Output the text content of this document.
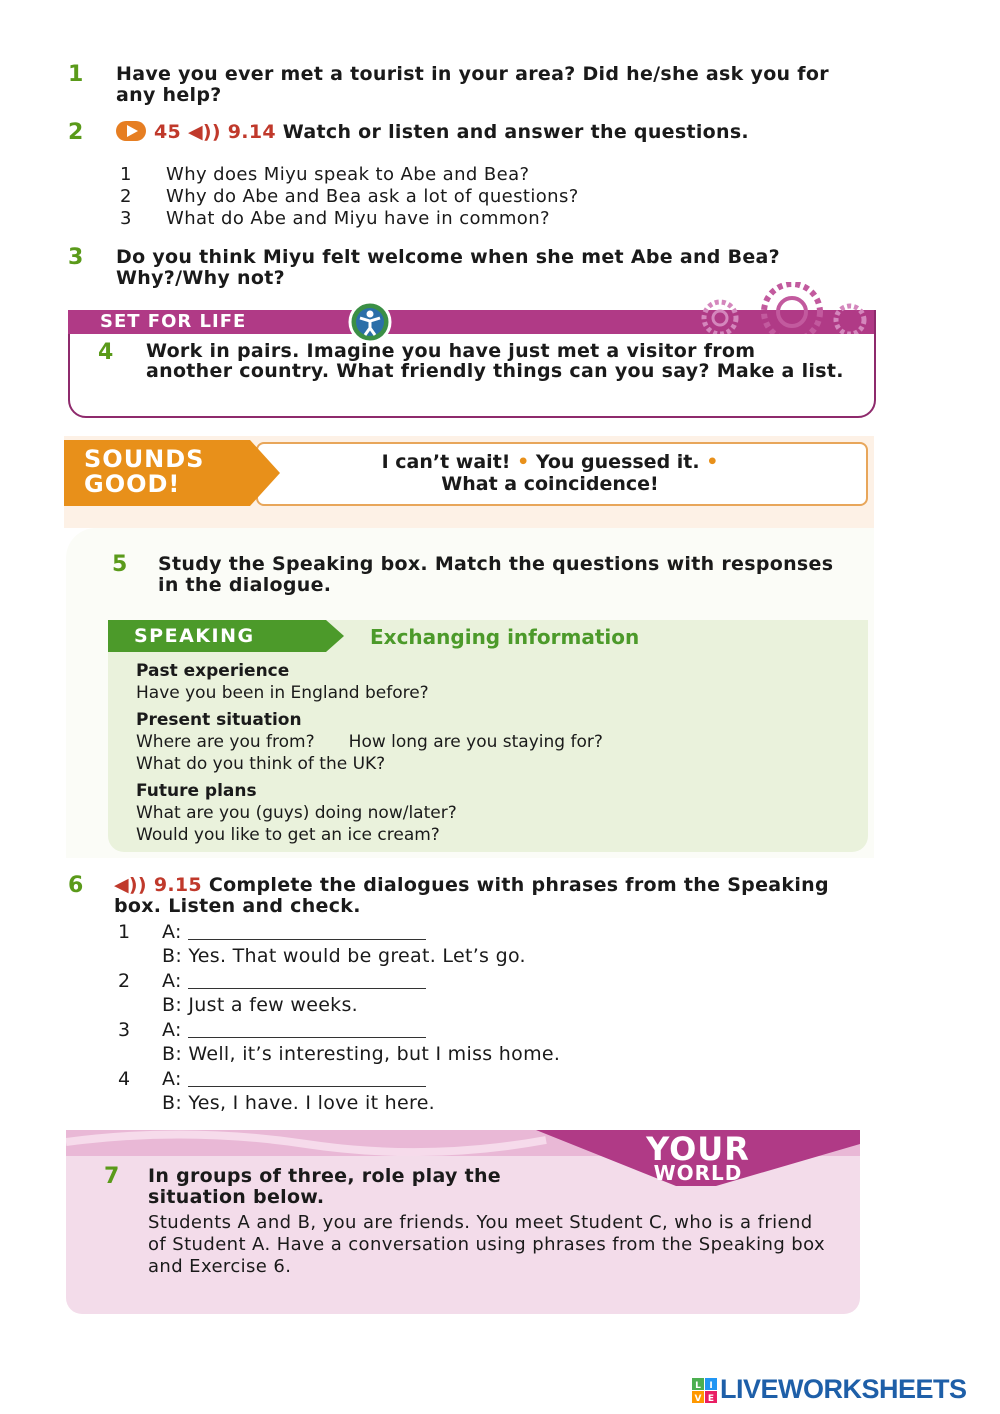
1 Have you ever met a tourist in your area? Did he/she ask you for any help?
2	45 ◀)) 9.14 Watch or listen and answer the questions.
1 Why does Miyu speak to Abe and Bea?
2 Why do Abe and Bea ask a lot of questions?
3 What do Abe and Miyu have in common?
3 Do you think Miyu felt welcome when she met Abe and Bea? Why?/Why not?
SET FOR LIFE
4 Work in pairs. Imagine you have just met a visitor from another country. What friendly things can you say? Make a list.
SOUNDS
GOOD!
I can’t wait! • You guessed it. •
What a coincidence!
5 Study the Speaking box. Match the questions with responses in the dialogue.
SPEAKING	Exchanging information
Past experience
Have you been in England before?
Present situation
Where are you from? How long are you staying for?
What do you think of the UK?
Future plans
What are you (guys) doing now/later?
Would you like to get an ice cream?
6 ◀)) 9.15 Complete the dialogues with phrases from the Speaking box. Listen and check.
1 A:
B: Yes. That would be great. Let’s go.
2 A:
B: Just a few weeks.
3 A:
B: Well, it’s interesting, but I miss home.
4 A:
B: Yes, I have. I love it here.
YOUR
WORLD
7 In groups of three, role play the situation below.
Students A and B, you are friends. You meet Student C, who is a friend of Student A. Have a conversation using phrases from the Speaking box and Exercise 6.
L I
V E LIVEWORKSHEETS
